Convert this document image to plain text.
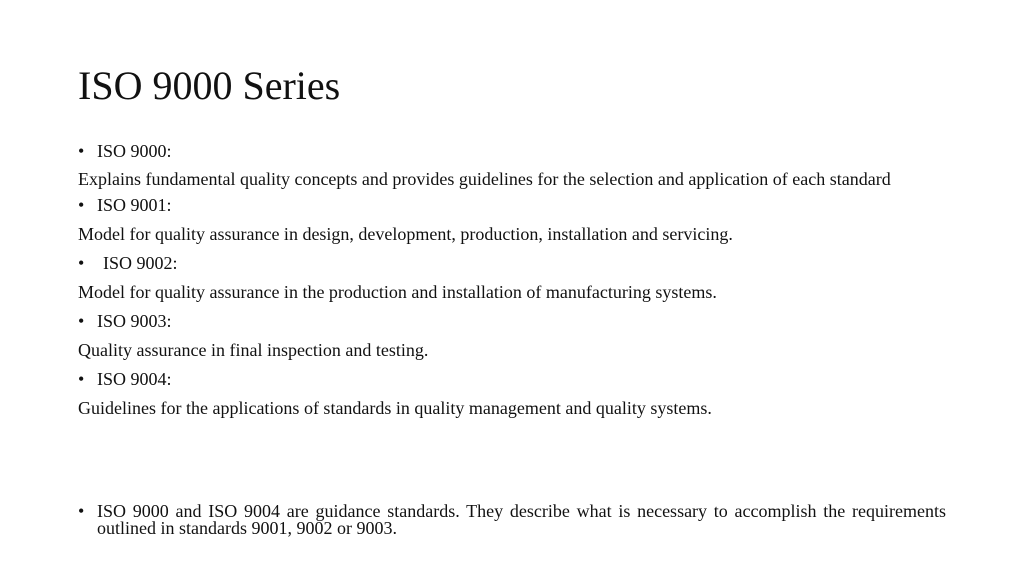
ISO 9000 Series
• ISO 9000:
Explains fundamental quality concepts and provides guidelines for the selection and application of each standard
• ISO 9001:
Model for quality assurance in design, development, production, installation and servicing.
• ISO 9002:
Model for quality assurance in the production and installation of manufacturing systems.
• ISO 9003:
Quality assurance in final inspection and testing.
• ISO 9004:
Guidelines for the applications of standards in quality management and quality systems.
• ISO 9000 and ISO 9004 are guidance standards. They describe what is necessary to accomplish the requirements outlined in standards 9001, 9002 or 9003.
